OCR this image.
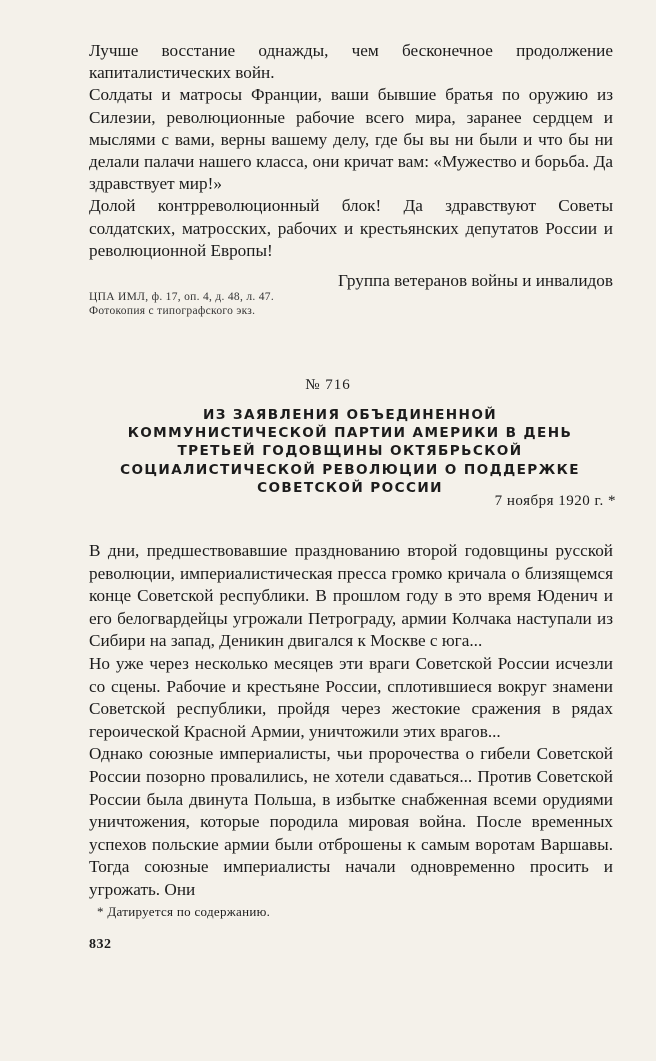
Лучше восстание однажды, чем бесконечное продолжение капиталистических войн.

Солдаты и матросы Франции, ваши бывшие братья по оружию из Силезии, революционные рабочие всего мира, заранее сердцем и мыслями с вами, верны вашему делу, где бы вы ни были и что бы ни делали палачи нашего класса, они кричат вам: «Мужество и борьба. Да здравствует мир!»

Долой контрреволюционный блок! Да здравствуют Советы солдатских, матросских, рабочих и крестьянских депутатов России и революционной Европы!

Группа ветеранов войны и инвалидов
ЦПА ИМЛ, ф. 17, оп. 4, д. 48, л. 47. Фотокопия с типографского экз.
№ 716
ИЗ ЗАЯВЛЕНИЯ ОБЪЕДИНЕННОЙ КОММУНИСТИЧЕСКОЙ ПАРТИИ АМЕРИКИ В ДЕНЬ ТРЕТЬЕЙ ГОДОВЩИНЫ ОКТЯБРЬСКОЙ СОЦИАЛИСТИЧЕСКОЙ РЕВОЛЮЦИИ О ПОДДЕРЖКЕ СОВЕТСКОЙ РОССИИ
7 ноября 1920 г. *

В дни, предшествовавшие празднованию второй годовщины русской революции, империалистическая пресса громко кричала о близящемся конце Советской республики. В прошлом году в это время Юденич и его белогвардейцы угрожали Петрограду, армии Колчака наступали из Сибири на запад, Деникин двигался к Москве с юга...

Но уже через несколько месяцев эти враги Советской России исчезли со сцены. Рабочие и крестьяне России, сплотившиеся вокруг знамени Советской республики, пройдя через жестокие сражения в рядах героической Красной Армии, уничтожили этих врагов...

Однако союзные империалисты, чьи пророчества о гибели Советской России позорно провалились, не хотели сдаваться... Против Советской России была двинута Польша, в избытке снабженная всеми орудиями уничтожения, которые породила мировая война. После временных успехов польские армии были отброшены к самым воротам Варшавы. Тогда союзные империалисты начали одновременно просить и угрожать. Они

* Датируется по содержанию.
832
